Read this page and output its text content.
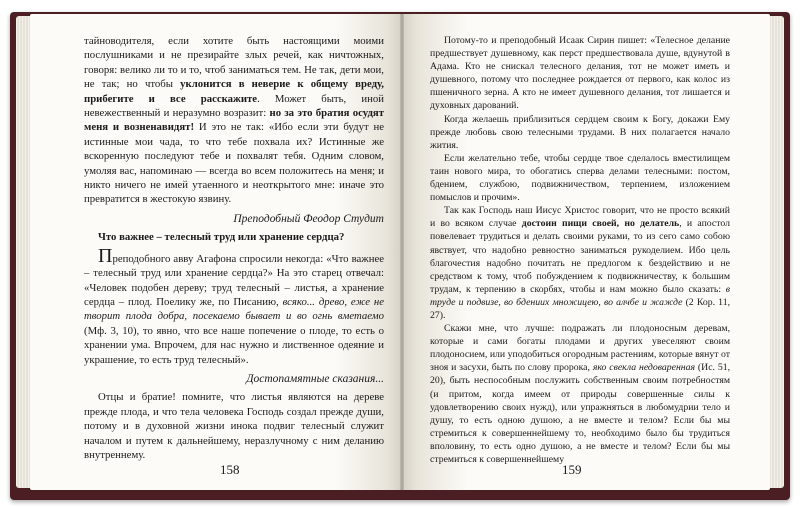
тайноводителя, если хотите быть настоящими моими послушниками и не презирайте злых речей, как ничтожных, говоря: велико ли то и то, чтоб заниматься тем. Не так, дети мои, не так; но чтобы уклонится в неверие к общему вреду, прибегите и все расскажите. Может быть, иной невежественный и неразумно возразит: но за это братия осудят меня и возненавидят! И это не так: «Ибо если эти будут не истинные мои чада, то что тебе похвала их? Истинные же вскоренную последуют тебе и похвалят тебя. Одним словом, умоляя вас, напоминаю — всегда во всем положитесь на меня; и никто ничего не имей утаенного и неоткрытого мне: иначе это превратится в жестокую язвину.

Преподобный Феодор Студит

Что важнее – телесный труд или хранение сердца?

Преподобного авву Агафона спросили некогда: «Что важнее – телесный труд или хранение сердца?» На это старец отвечал: «Человек подобен дереву; труд телесный – листья, а хранение сердца – плод. Поелику же, по Писанию, всяко... древо, еже не творит плода добра, посекаемо бывает и во огнь вметаемо (Мф. 3, 10), то явно, что все наше попечение о плоде, то есть о хранении ума. Впрочем, для нас нужно и лиственное одеяние и украшение, то есть труд телесный».

Достопамятные сказания...

Отцы и братие! помните, что листья являются на дереве прежде плода, и что тела человека Господь создал прежде души, потому и в духовной жизни инока подвиг телесный служит началом и путем к дальнейшему, неразлучному с ним деланию внутреннему.

158

Потому-то и преподобный Исаак Сирин пишет: «Телесное делание предшествует душевному, как перст предшествовала душе, вдунутой в Адама. Кто не снискал телесного делания, тот не может иметь и душевного, потому что последнее рождается от первого, как колос из пшеничного зерна. А кто не имеет душевного делания, тот лишается и духовных дарований.

Когда желаешь приблизиться сердцем своим к Богу, докажи Ему прежде любовь свою телесными трудами. В них полагается начало жития.

Если желательно тебе, чтобы сердце твое сделалось вместилищем таин нового мира, то обогатись сперва делами телесными: постом, бдением, службою, подвижничеством, терпением, изложением помыслов и прочим».

Так как Господь наш Иисус Христос говорит, что не просто всякий и во всяком случае достоин пищи своей, но делатель, и апостол повелевает трудиться и делать своими руками, то из сего само собою явствует, что надобно ревностно заниматься рукоделием. Ибо цель благочестия надобно почитать не предлогом к бездействию и не средством к тому, чтоб побуждением к подвижничеству, к большим трудам, к терпению в скорбях, чтобы и нам можно было сказать: в труде и подвизе, во бдениих множицею, во алчбе и жажде (2 Кор. 11, 27).

Скажи мне, что лучше: подражать ли плодоносным деревам, которые и сами богаты плодами и других увеселяют своим плодоносием, или уподобиться огородным растениям, которые вянут от зноя и засухи, быть по слову пророка, яко свекла недоваренная (Ис. 51, 20), быть неспособным послужить собственным своим потребностям (и притом, когда имеем от природы совершенные силы к удовлетворению своих нужд), или упражняться в любомудрии тело и душу, то есть одною душою, а не вместе и телом? Если бы мы стремиться к совершеннейшему то, необходимо было бы трудиться вполовину, то есть одно душою, а не вместе и телом? Если бы мы стремиться к совершеннейшему

159
